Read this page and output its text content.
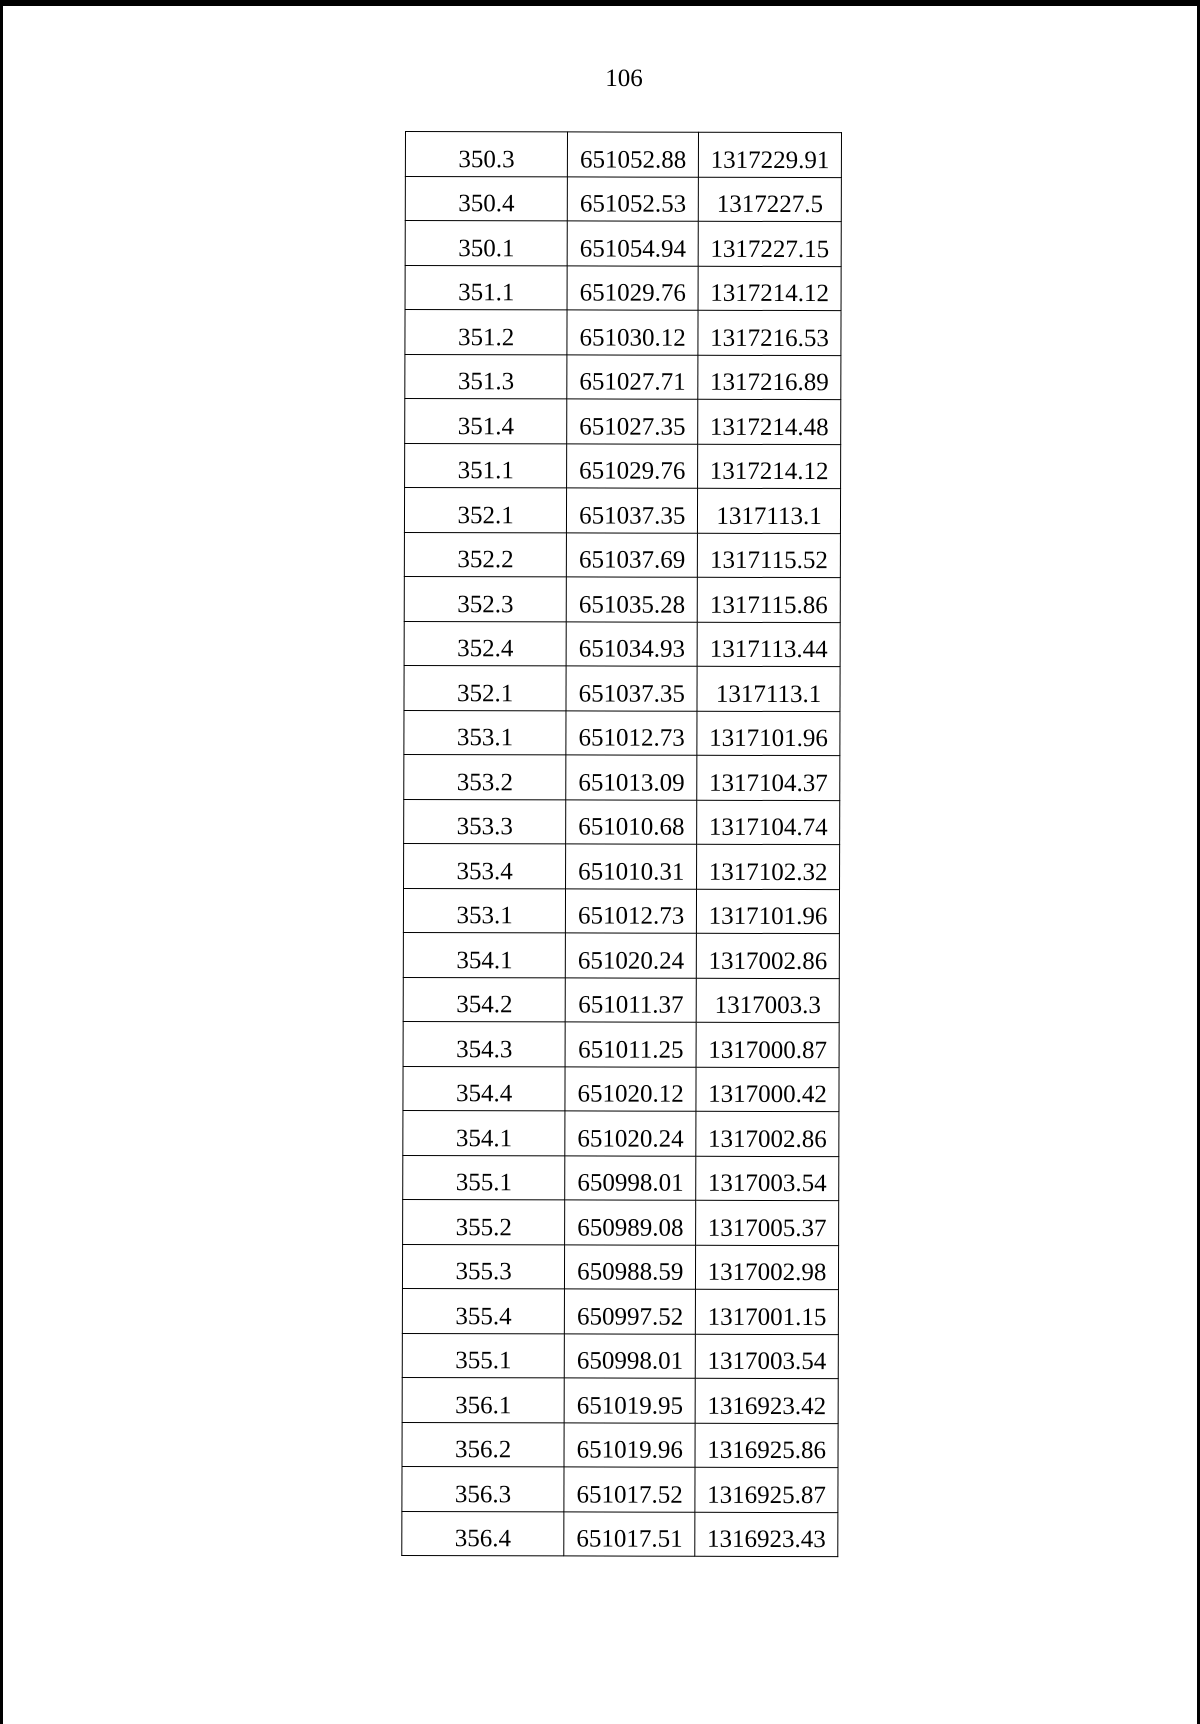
106
350.3	651052.88	1317229.91
350.4	651052.53	1317227.5
350.1	651054.94	1317227.15
351.1	651029.76	1317214.12
351.2	651030.12	1317216.53
351.3	651027.71	1317216.89
351.4	651027.35	1317214.48
351.1	651029.76	1317214.12
352.1	651037.35	1317113.1
352.2	651037.69	1317115.52
352.3	651035.28	1317115.86
352.4	651034.93	1317113.44
352.1	651037.35	1317113.1
353.1	651012.73	1317101.96
353.2	651013.09	1317104.37
353.3	651010.68	1317104.74
353.4	651010.31	1317102.32
353.1	651012.73	1317101.96
354.1	651020.24	1317002.86
354.2	651011.37	1317003.3
354.3	651011.25	1317000.87
354.4	651020.12	1317000.42
354.1	651020.24	1317002.86
355.1	650998.01	1317003.54
355.2	650989.08	1317005.37
355.3	650988.59	1317002.98
355.4	650997.52	1317001.15
355.1	650998.01	1317003.54
356.1	651019.95	1316923.42
356.2	651019.96	1316925.86
356.3	651017.52	1316925.87
356.4	651017.51	1316923.43
